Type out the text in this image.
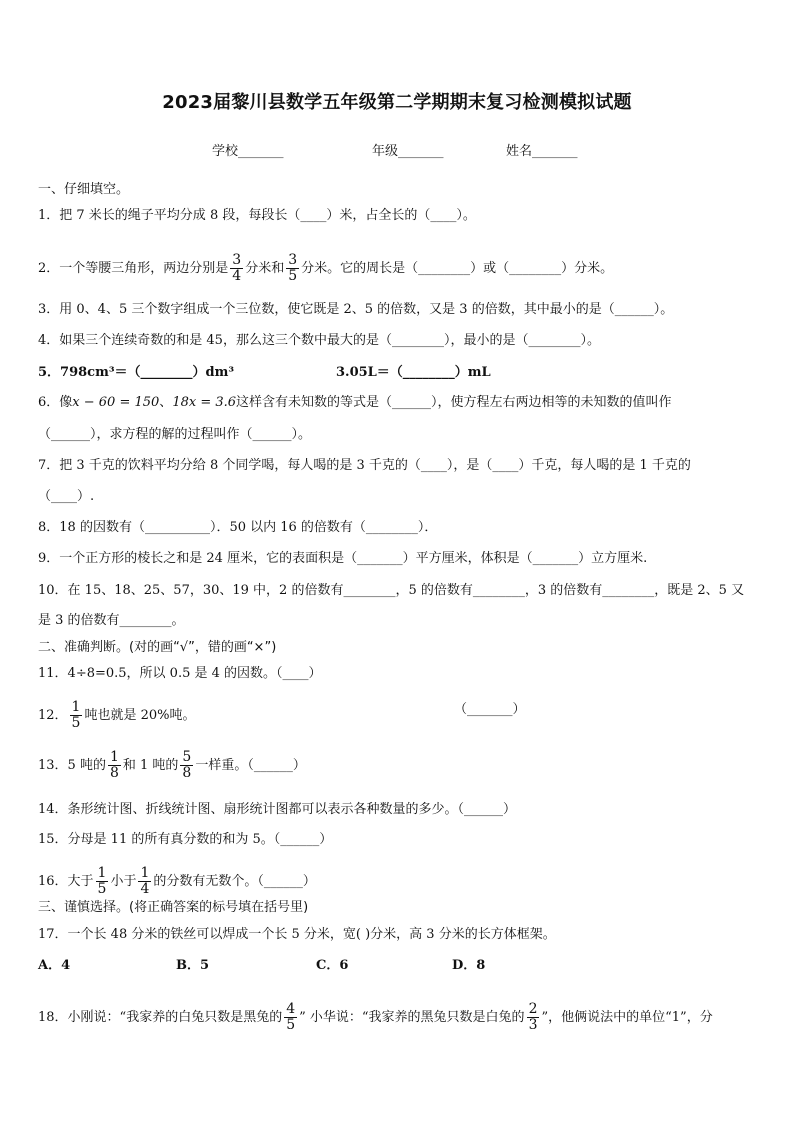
2023届黎川县数学五年级第二学期期末复习检测模拟试题
学校_______	年级_______	姓名_______
一、仔细填空。
1．把 7 米长的绳子平均分成 8 段，每段长（____）米，占全长的（____）。
2．一个等腰三角形，两边分别是 $\frac{3}{4}$ 分米和 $\frac{3}{5}$ 分米。它的周长是（________）或（________）分米。
3．用 0、4、5 三个数字组成一个三位数，使它既是 2、5 的倍数，又是 3 的倍数，其中最小的是（______）。
4．如果三个连续奇数的和是 45，那么这三个数中最大的是（________），最小的是（________）。
5．798cm³＝（________）dm³	3.05L＝（________）mL
6．像x − 60 = 150、18x = 3.6这样含有未知数的等式是（______），使方程左右两边相等的未知数的值叫作
（______），求方程的解的过程叫作（______）。
7．把 3 千克的饮料平均分给 8 个同学喝，每人喝的是 3 千克的（____），是（____）千克，每人喝的是 1 千克的
（____）.
8．18 的因数有（__________）．50 以内 16 的倍数有（________）．
9．一个正方形的棱长之和是 24 厘米，它的表面积是（_______）平方厘米，体积是（_______）立方厘米.
10．在 15、18、25、57，30、19 中，2 的倍数有________，5 的倍数有________，3 的倍数有________，既是 2、5 又
是 3 的倍数有________。
二、准确判断。(对的画“√”，错的画“×”)
11．4÷8=0.5，所以 0.5 是 4 的因数。（____）
12． $\frac{1}{5}$ 吨也就是 20%吨。	（_______）
13．5 吨的 $\frac{1}{8}$ 和 1 吨的 $\frac{5}{8}$ 一样重。（______）
14．条形统计图、折线统计图、扇形统计图都可以表示各种数量的多少。（______）
15．分母是 11 的所有真分数的和为 5。（______）
16．大于 $\frac{1}{5}$ 小于 $\frac{1}{4}$ 的分数有无数个。（______）
三、谨慎选择。(将正确答案的标号填在括号里)
17．一个长 48 分米的铁丝可以焊成一个长 5 分米，宽( )分米，高 3 分米的长方体框架。
A．4	B．5	C．6	D．8
18．小刚说：“我家养的白兔只数是黑兔的 $\frac{4}{5}$ ” 小华说：“我家养的黑兔只数是白兔的 $\frac{2}{3}$ ”，他俩说法中的单位“1”，分
